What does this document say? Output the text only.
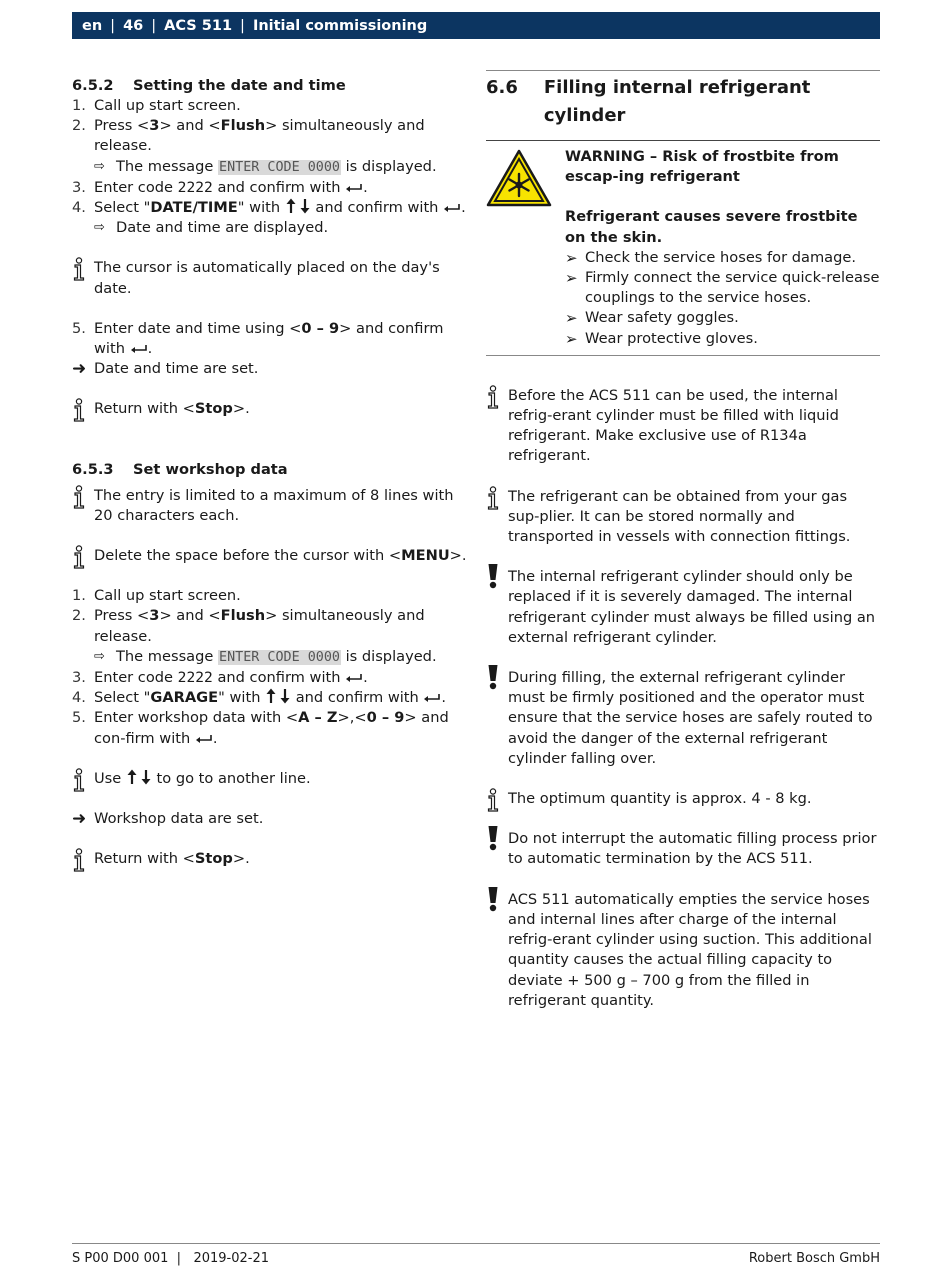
en | 46 | ACS 511 | Initial commissioning
6.5.2	Setting the date and time
1. Call up start screen.
2. Press <3> and <Flush> simultaneously and release.
⇨ The message ENTER CODE 0000 is displayed.
3. Enter code 2222 and confirm with .
4. Select "DATE/TIME" with  and confirm with .
⇨ Date and time are displayed.
The cursor is automatically placed on the day's date.
5. Enter date and time using <0 – 9> and confirm with .
➜ Date and time are set.
Return with <Stop>.
6.5.3	Set workshop data
The entry is limited to a maximum of 8 lines with 20 characters each.
Delete the space before the cursor with <MENU>.
1. Call up start screen.
2. Press <3> and <Flush> simultaneously and release.
⇨ The message ENTER CODE 0000 is displayed.
3. Enter code 2222 and confirm with .
4. Select "GARAGE" with  and confirm with .
5. Enter workshop data with <A – Z>,<0 – 9> and con-firm with .
Use  to go to another line.
➜ Workshop data are set.
Return with <Stop>.
6.6	Filling internal refrigerant cylinder
WARNING – Risk of frostbite from escap-ing refrigerant
Refrigerant causes severe frostbite on the skin.
➢ Check the service hoses for damage.
➢ Firmly connect the service quick-release couplings to the service hoses.
➢ Wear safety goggles.
➢ Wear protective gloves.
Before the ACS 511 can be used, the internal refrig-erant cylinder must be filled with liquid refrigerant. Make exclusive use of R134a refrigerant.
The refrigerant can be obtained from your gas sup-plier. It can be stored normally and transported in vessels with connection fittings.
The internal refrigerant cylinder should only be replaced if it is severely damaged. The internal refrigerant cylinder must always be filled using an external refrigerant cylinder.
During filling, the external refrigerant cylinder must be firmly positioned and the operator must ensure that the service hoses are safely routed to avoid the danger of the external refrigerant cylinder falling over.
The optimum quantity is approx. 4 - 8 kg.
Do not interrupt the automatic filling process prior to automatic termination by the ACS 511.
ACS 511 automatically empties the service hoses and internal lines after charge of the internal refrig-erant cylinder using suction. This additional quantity causes the actual filling capacity to deviate + 500 g – 700 g from the filled in refrigerant quantity.
S P00 D00 001  |   2019-02-21	Robert Bosch GmbH
